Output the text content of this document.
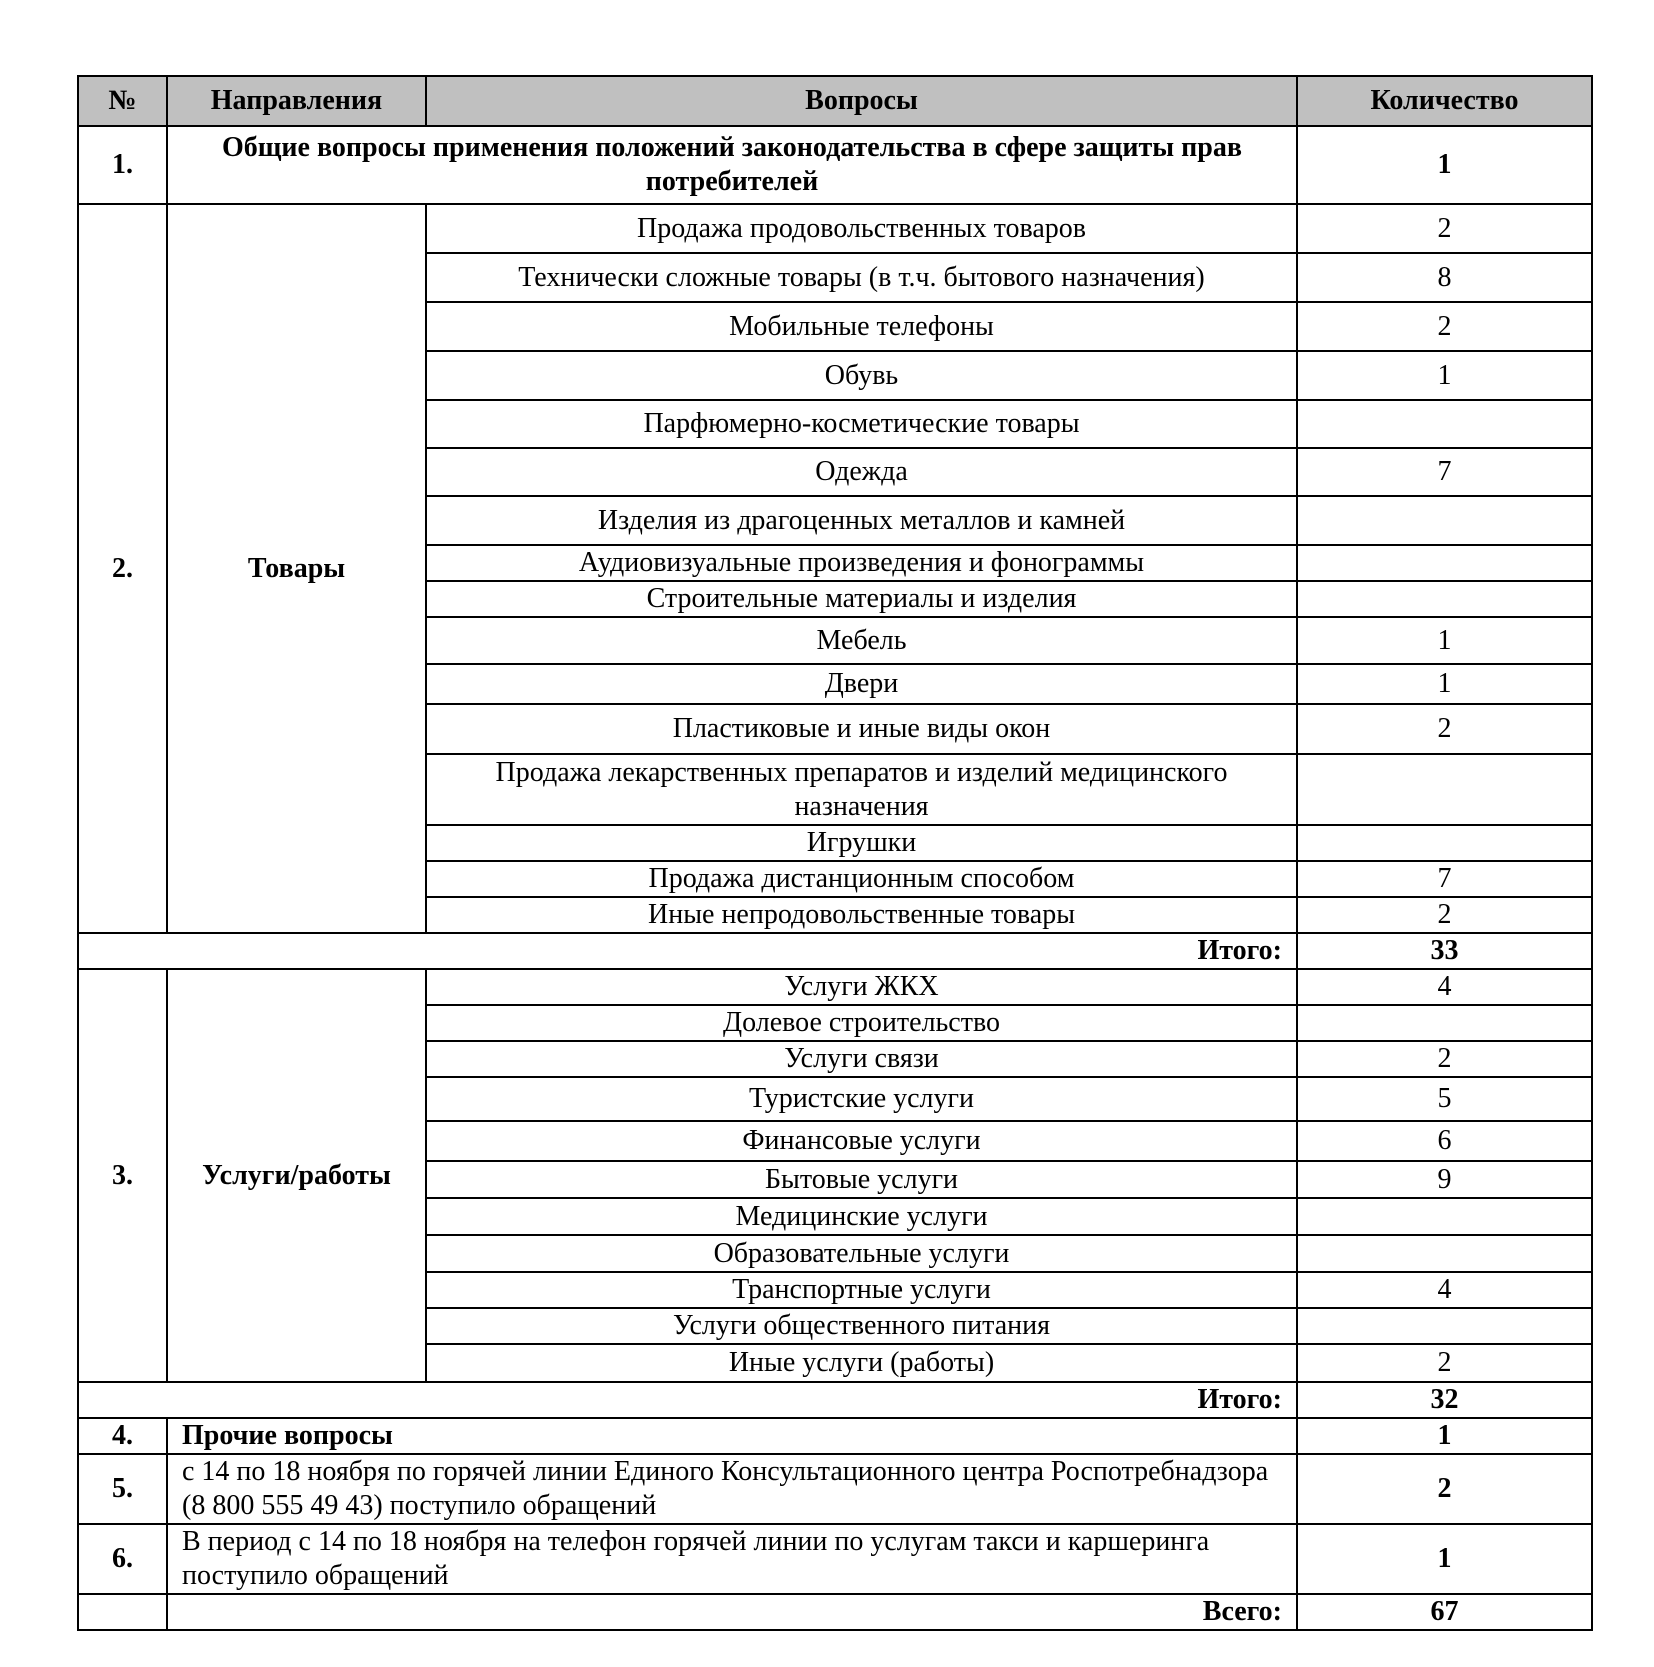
№	Направления	Вопросы	Количество
1.	Общие вопросы применения положений законодательства в сфере защиты прав потребителей		1
2.	Товары	Продажа продовольственных товаров	2
		Технически сложные товары (в т.ч. бытового назначения)	8
		Мобильные телефоны	2
		Обувь	1
		Парфюмерно-косметические товары	
		Одежда	7
		Изделия из драгоценных металлов и камней	
		Аудиовизуальные произведения и фонограммы	
		Строительные материалы и изделия	
		Мебель	1
		Двери	1
		Пластиковые и иные виды окон	2
		Продажа лекарственных препаратов и изделий медицинского назначения	
		Игрушки	
		Продажа дистанционным способом	7
		Иные непродовольственные товары	2
Итого:			33
3.	Услуги/работы	Услуги ЖКХ	4
		Долевое строительство	
		Услуги связи	2
		Туристские услуги	5
		Финансовые услуги	6
		Бытовые услуги	9
		Медицинские услуги	
		Образовательные услуги	
		Транспортные услуги	4
		Услуги общественного питания	
		Иные услуги (работы)	2
Итого:			32
4.	Прочие вопросы		1
5.	с 14 по 18 ноября по горячей линии Единого Консультационного центра Роспотребнадзора (8 800 555 49 43) поступило обращений		2
6.	В период с 14 по 18 ноября на телефон горячей линии по услугам такси и каршеринга поступило обращений		1
	Всего:		67
